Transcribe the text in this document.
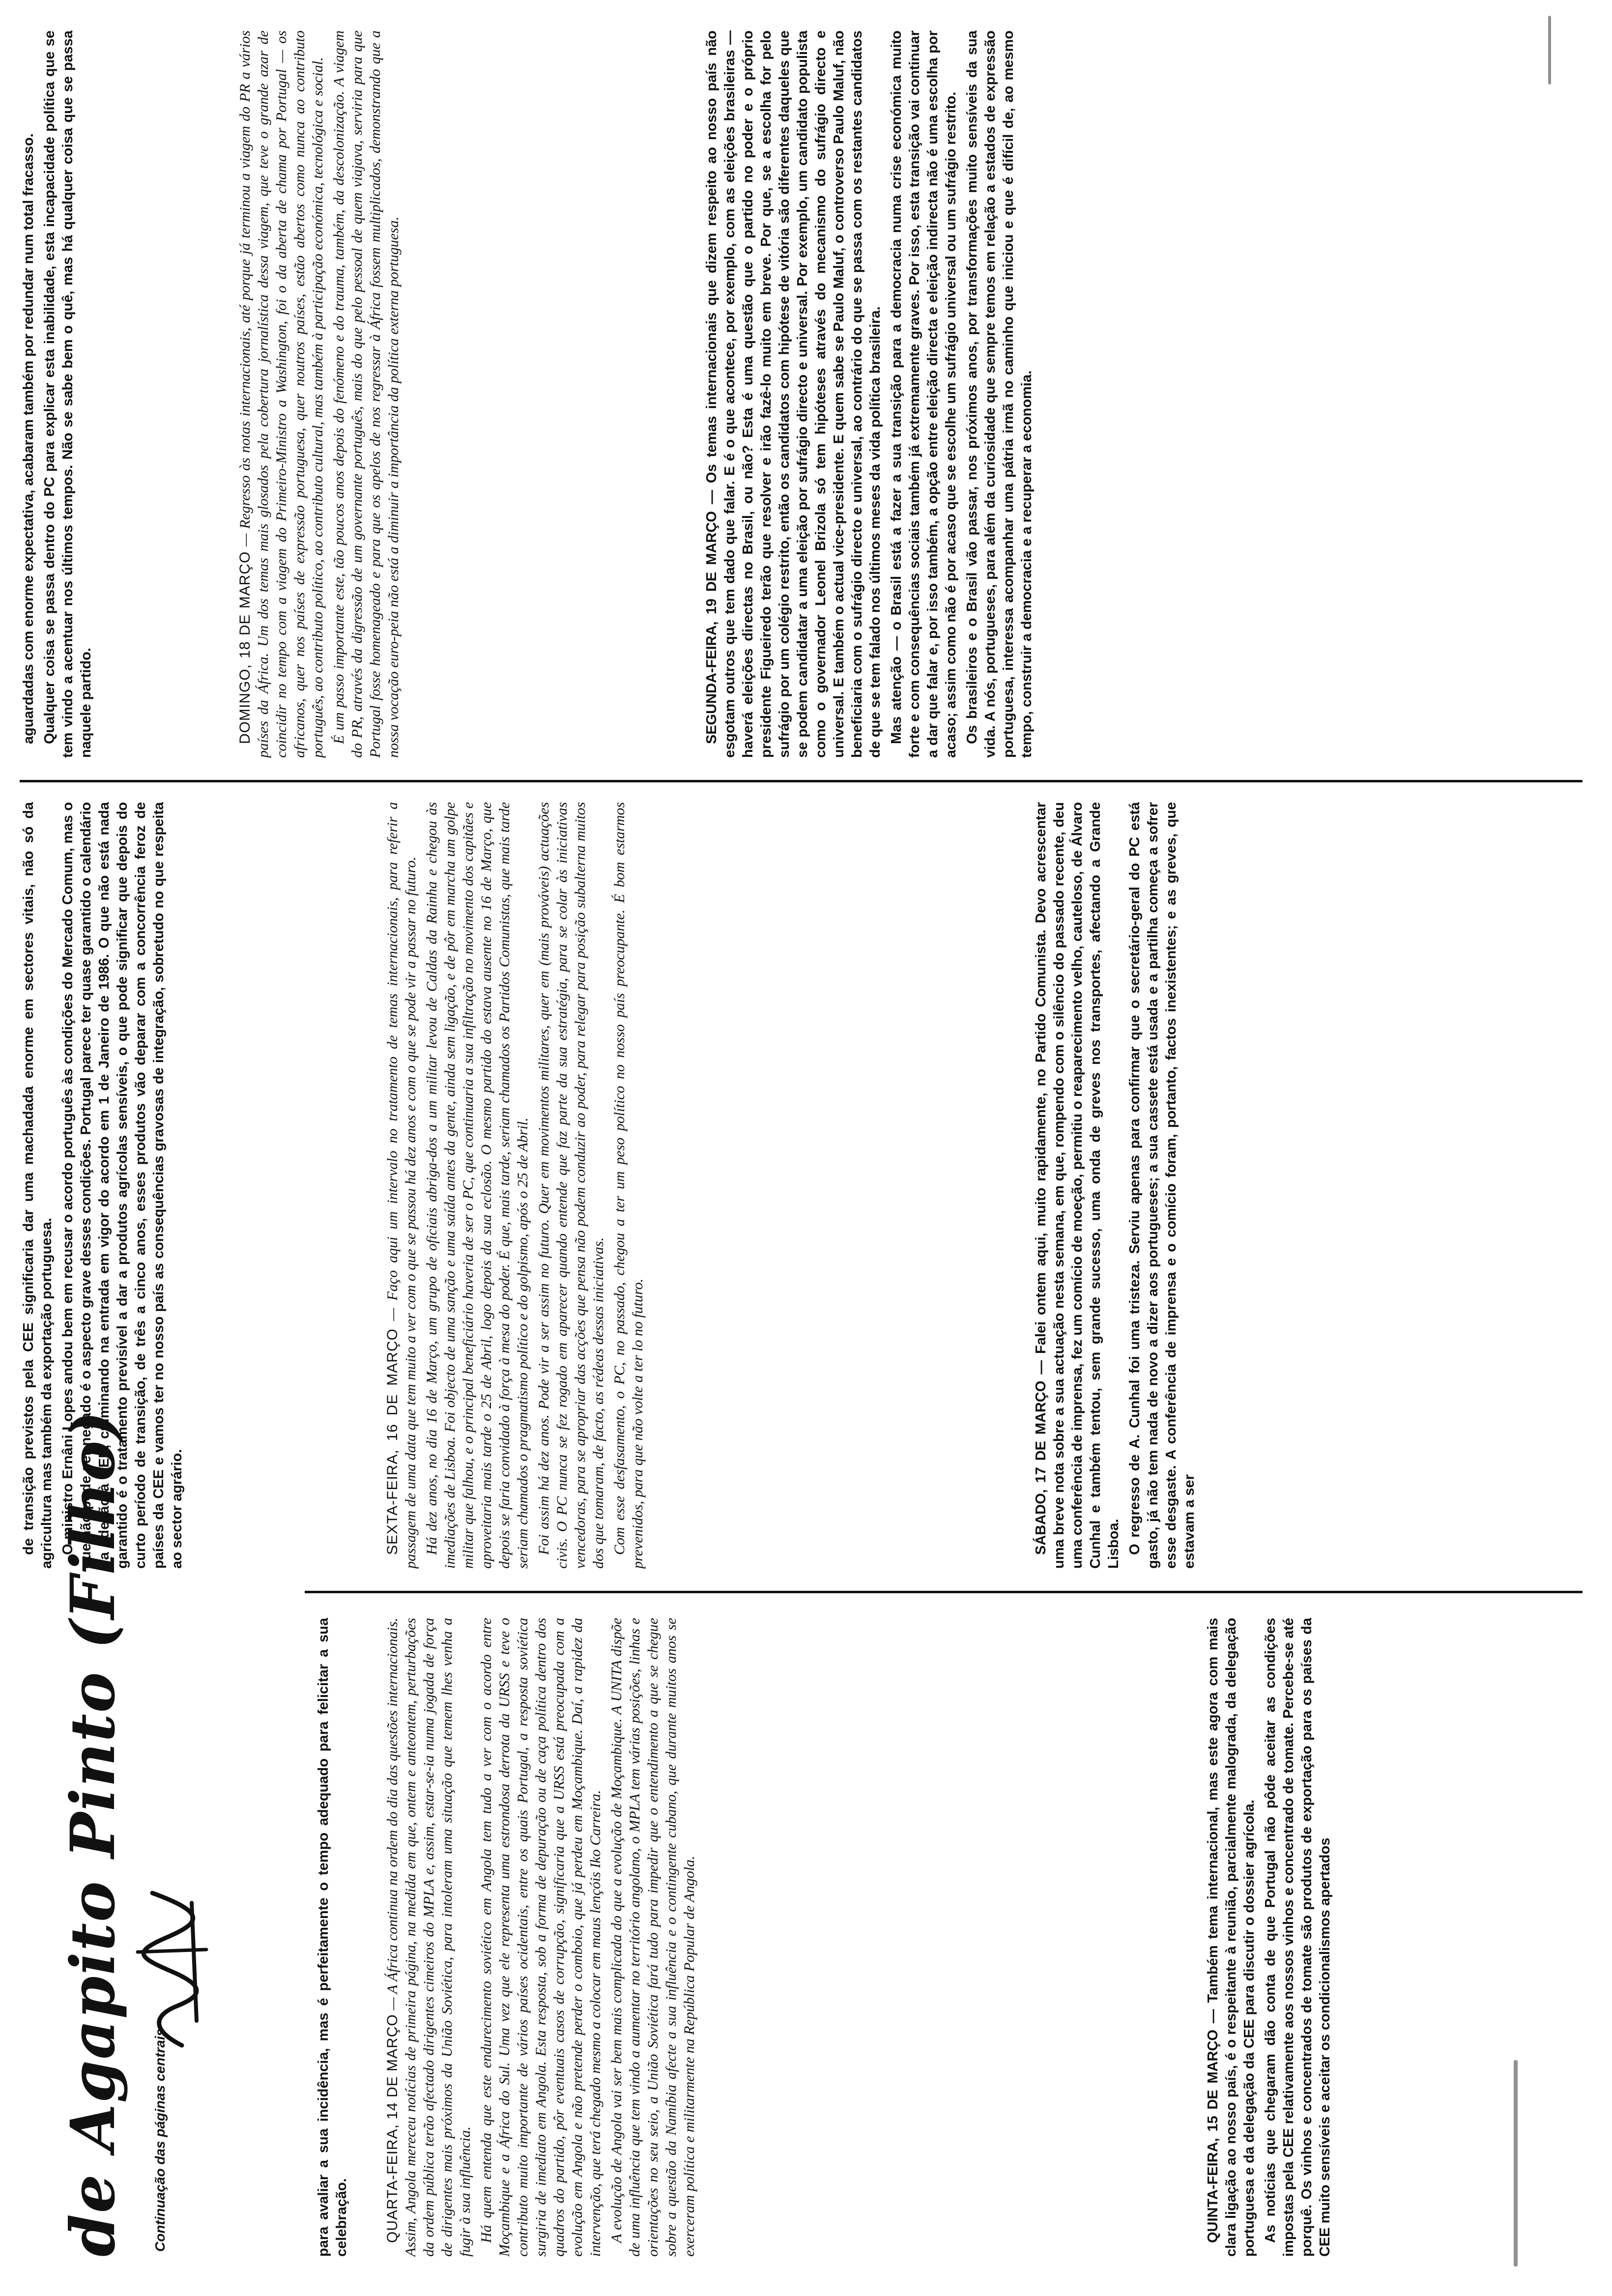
de Agapito Pinto (Filho) Continuação das páginas centrais	para avaliar a sua incidência, mas é perfeitamente o tempo adequado para felicitar a sua celebração.	QUARTA-FEIRA, 14 DE MARÇO — A África continua na ordem do dia das questões internacionais. Assim, Angola mereceu notícias de primeira página, na medida em que, ontem e anteontem, perturbações da ordem pública terão afectado dirigentes cimeiros do MPLA e, assim, estar-se-ia numa jogada de força de dirigentes mais próximos da União Soviética, para intoleram uma situação que temem lhes venha a fugir à sua influência. Há quem entenda que este endurecimento soviético em Angola tem tudo a ver com o acordo entre Moçambique e a África do Sul. Uma vez que ele representa uma estrondosa derrota da URSS e teve o contributo muito importante de vários países ocidentais, entre os quais Portugal, a resposta soviética surgiria de imediato em Angola. Esta resposta, sob a forma de depuração ou de caça política dentro dos quadros do partido, pôr eventuais casos de corrupção, significaria que a URSS está preocupada com a evolução em Angola e não pretende perder o comboio, que já perdeu em Moçambique. Daí, a rapidez da intervenção, que terá chegado mesmo a colocar em maus lençóis Iko Carreira. A evolução de Angola vai ser bem mais complicada do que a evolução de Moçambique. A UNITA dispõe de uma influência que tem vindo a aumentar no território angolano, o MPLA tem várias posições, linhas e orientações no seu seio, a União Soviética fará tudo para impedir que o entendimento a que se chegue sobre a questão da Namíbia afecte a sua influência e o contingente cubano, que durante muitos anos se exerceram política e militarmente na República Popular de Angola.	QUINTA-FEIRA, 15 DE MARÇO — Também tema internacional, mas este agora com mais clara ligação ao nosso país, é o respeitante à reunião, parcialmente malograda, da delegação portuguesa e da delegação da CEE para discutir o dossier agrícola. As notícias que chegaram dão conta de que Portugal não pôde aceitar as condições impostas pela CEE relativamente aos nossos vinhos e concentrado de tomate. Percebe-se até porquê. Os vinhos e concentrados de tomate são produtos de exportação para os países da CEE muito sensíveis e aceitar os condicionalismos apertados

de transição previstos pela CEE significaria dar uma machadada enorme em sectores vitais, não só da agricultura mas também da exportação portuguesa. O ministro Ernâni Lopes andou bem em recusar o acordo português às condições do Mercado Comum, mas o que não pode ser negado é o aspecto grave desses condições. Portugal parece ter quase garantido o calendário da adesão à CEE, culminando na entrada em vigor do acordo em 1 de Janeiro de 1986. O que não está nada garantido é o tratamento previsível a dar a produtos agrícolas sensíveis, o que pode significar que depois do curto período de transição, de três a cinco anos, esses produtos vão deparar com a concorrência feroz de países da CEE e vamos ter no nosso país as consequências gravosas de integração, sobretudo no que respeita ao sector agrário.	SEXTA-FEIRA, 16 DE MARÇO — Faço aqui um intervalo no tratamento de temas internacionais, para referir a passagem de uma data que tem muito a ver com o que se passou há dez anos e com o que se pode vir a passar no futuro. Há dez anos, no dia 16 de Março, um grupo de oficiais abriga-dos a um militar levou de Caldas da Rainha e chegou às imediações de Lisboa. Foi objecto de uma sanção e uma saída antes da gente, ainda sem ligação, e de pôr em marcha um golpe militar que falhou, e o principal beneficiário haveria de ser o PC, que continuaria a sua infiltração no movimento dos capitães e aproveitaria mais tarde o 25 de Abril, logo depois da sua eclosão. O mesmo partido do estava ausente no 16 de Março, que depois se faria convidado à força à mesa do poder. É que, mais tarde, seriam chamados os Partidos Comunistas, que mais tarde seriam chamados o pragmatismo político e do golpismo, após o 25 de Abril. Foi assim há dez anos. Pode vir a ser assim no futuro. Quer em movimentos militares, quer em (mais prováveis) actuações civis. O PC nunca se fez rogado em aparecer quando entende que faz parte da sua estratégia, para se colar às iniciativas vencedoras, para se apropriar das acções que pensa não podem conduzir ao poder, para relegar para posição subalterna muitos dos que tomaram, de facto, as rédeas dessas iniciativas. Com esse desfasamento, o PC, no passado, chegou a ter um peso político no nosso país preocupante. É bom estarmos prevenidos, para que não volte a ter lo no futuro.	SÁBADO, 17 DE MARÇO — Falei ontem aqui, muito rapidamente, no Partido Comunista. Devo acrescentar uma breve nota sobre a sua actuação nesta semana, em que, rompendo com o silêncio do passado recente, deu uma conferência de imprensa, fez um comício de moeção, permitiu o reaparecimento velho, cauteloso, de Álvaro Cunhal e também tentou, sem grande sucesso, uma onda de greves nos transportes, afectando a Grande Lisboa. O regresso de A. Cunhal foi uma tristeza. Serviu apenas para confirmar que o secretário-geral do PC está gasto, já não tem nada de novo a dizer aos portugueses; a sua cassete está usada e a partilha começa a sofrer esse desgaste. A conferência de imprensa e o comício foram, portanto, factos inexistentes; e as greves, que estavam a ser

aguardadas com enorme expectativa, acabaram também por redundar num total fracasso. Qualquer coisa se passa dentro do PC para explicar esta inabilidade, esta incapacidade política que se tem vindo a acentuar nos últimos tempos. Não se sabe bem o quê, mas há qualquer coisa que se passa naquele partido.	DOMINGO, 18 DE MARÇO — Regresso às notas internacionais, até porque já terminou a viagem do PR a vários países da África. Um dos temas mais glosados pela cobertura jornalística dessa viagem, que teve o grande azar de coincidir no tempo com a viagem do Primeiro-Ministro a Washington, foi o da aberta de chama por Portugal — os africanos, quer nos países de expressão portuguesa, quer noutros países, estão abertos como nunca ao contributo português, ao contributo político, ao contributo cultural, mas também à participação económica, tecnológica e social. É um passo importante este, tão poucos anos depois do fenómeno e do trauma, também, da descolonização. A viagem do PR, através da digressão de um governante português, mais do que pelo pessoal de quem viajava, serviria para que Portugal fosse homenageado e para que os apelos de nos regressar à África fossem multiplicados, demonstrando que a nossa vocação euro-peia não está a diminuir a importância da política externa portuguesa.	SEGUNDA-FEIRA, 19 DE MARÇO — Os temas internacionais que dizem respeito ao nosso país não esgotam outros que tem dado que falar. E é o que acontece, por exemplo, com as eleições brasileiras — haverá eleições directas no Brasil, ou não? Esta é uma questão que o partido no poder e o próprio presidente Figueiredo terão que resolver e irão fazê-lo muito em breve. Por que, se a escolha for pelo sufrágio por um colégio restrito, então os candidatos com hipótese de vitória são diferentes daqueles que se podem candidatar a uma eleição por sufrágio directo e universal. Por exemplo, um candidato populista como o governador Leonel Brizola só tem hipóteses através do mecanismo do sufrágio directo e universal. E também o actual vice-presidente. E quem sabe se Paulo Maluf, o controverso Paulo Maluf, não beneficiaria com o sufrágio directo e universal, ao contrário do que se passa com os restantes candidatos de que se tem falado nos últimos meses da vida política brasileira. Mas atenção — o Brasil está a fazer a sua transição para a democracia numa crise económica muito forte e com consequências sociais também já extremamente graves. Por isso, esta transição vai continuar a dar que falar e, por isso também, a opção entre eleição directa e eleição indirecta não é uma escolha por acaso; assim como não é por acaso que se escolhe um sufrágio universal ou um sufrágio restrito. Os brasileiros e o Brasil vão passar, nos próximos anos, por transformações muito sensíveis da sua vida. A nós, portugueses, para além da curiosidade que sempre temos em relação a estados de expressão portuguesa, interessa acompanhar uma pátria irmã no caminho que iniciou e que é difícil de, ao mesmo tempo, construir a democracia e a recuperar a economia.
